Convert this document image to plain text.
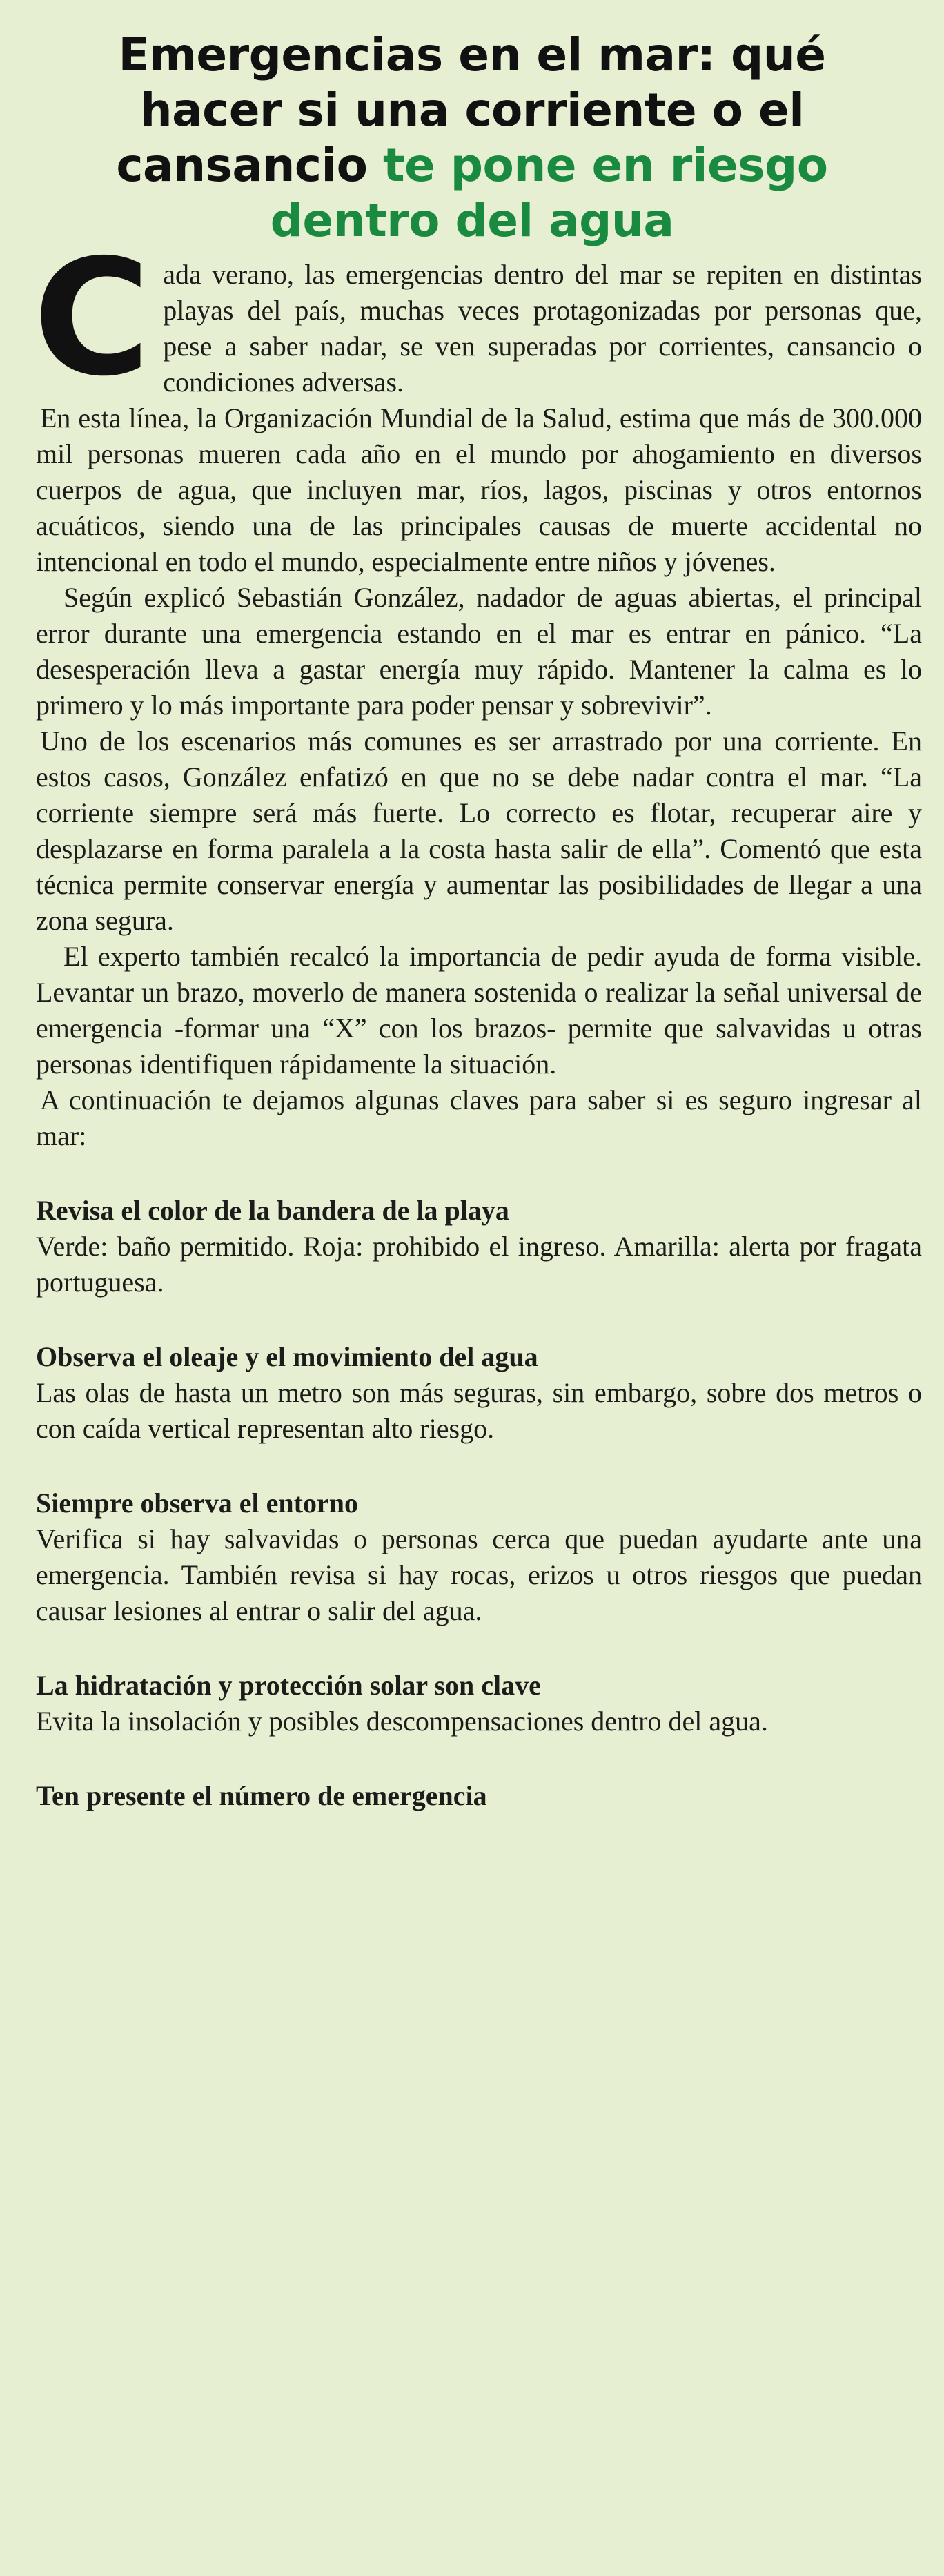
Emergencias en el mar: qué hacer si una corriente o el cansancio te pone en riesgo dentro del agua

Cada verano, las emergencias dentro del mar se repiten en distintas playas del país, muchas veces protagonizadas por personas que, pese a saber nadar, se ven superadas por corrientes, cansancio o condiciones adversas.

En esta línea, la Organización Mundial de la Salud, estima que más de 300.000 mil personas mueren cada año en el mundo por ahogamiento en diversos cuerpos de agua, que incluyen mar, ríos, lagos, piscinas y otros entornos acuáticos, siendo una de las principales causas de muerte accidental no intencional en todo el mundo, especialmente entre niños y jóvenes.

Según explicó Sebastián González, nadador de aguas abiertas, el principal error durante una emergencia estando en el mar es entrar en pánico. “La desesperación lleva a gastar energía muy rápido. Mantener la calma es lo primero y lo más importante para poder pensar y sobrevivir”.

Uno de los escenarios más comunes es ser arrastrado por una corriente. En estos casos, González enfatizó en que no se debe nadar contra el mar. “La corriente siempre será más fuerte. Lo correcto es flotar, recuperar aire y desplazarse en forma paralela a la costa hasta salir de ella”. Comentó que esta técnica permite conservar energía y aumentar las posibilidades de llegar a una zona segura.

El experto también recalcó la importancia de pedir ayuda de forma visible. Levantar un brazo, moverlo de manera sostenida o realizar la señal universal de emergencia -formar una “X” con los brazos- permite que salvavidas u otras personas identifiquen rápidamente la situación.

A continuación te dejamos algunas claves para saber si es seguro ingresar al mar:

Revisa el color de la bandera de la playa

Verde: baño permitido. Roja: prohibido el ingreso. Amarilla: alerta por fragata portuguesa.

Observa el oleaje y el movimiento del agua

Las olas de hasta un metro son más seguras, sin embargo, sobre dos metros o con caída vertical representan alto riesgo.

Siempre observa el entorno

Verifica si hay salvavidas o personas cerca que puedan ayudarte ante una emergencia. También revisa si hay rocas, erizos u otros riesgos que puedan causar lesiones al entrar o salir del agua.

La hidratación y protección solar son clave

Evita la insolación y posibles descompensaciones dentro del agua.

Ten presente el número de emergencia
